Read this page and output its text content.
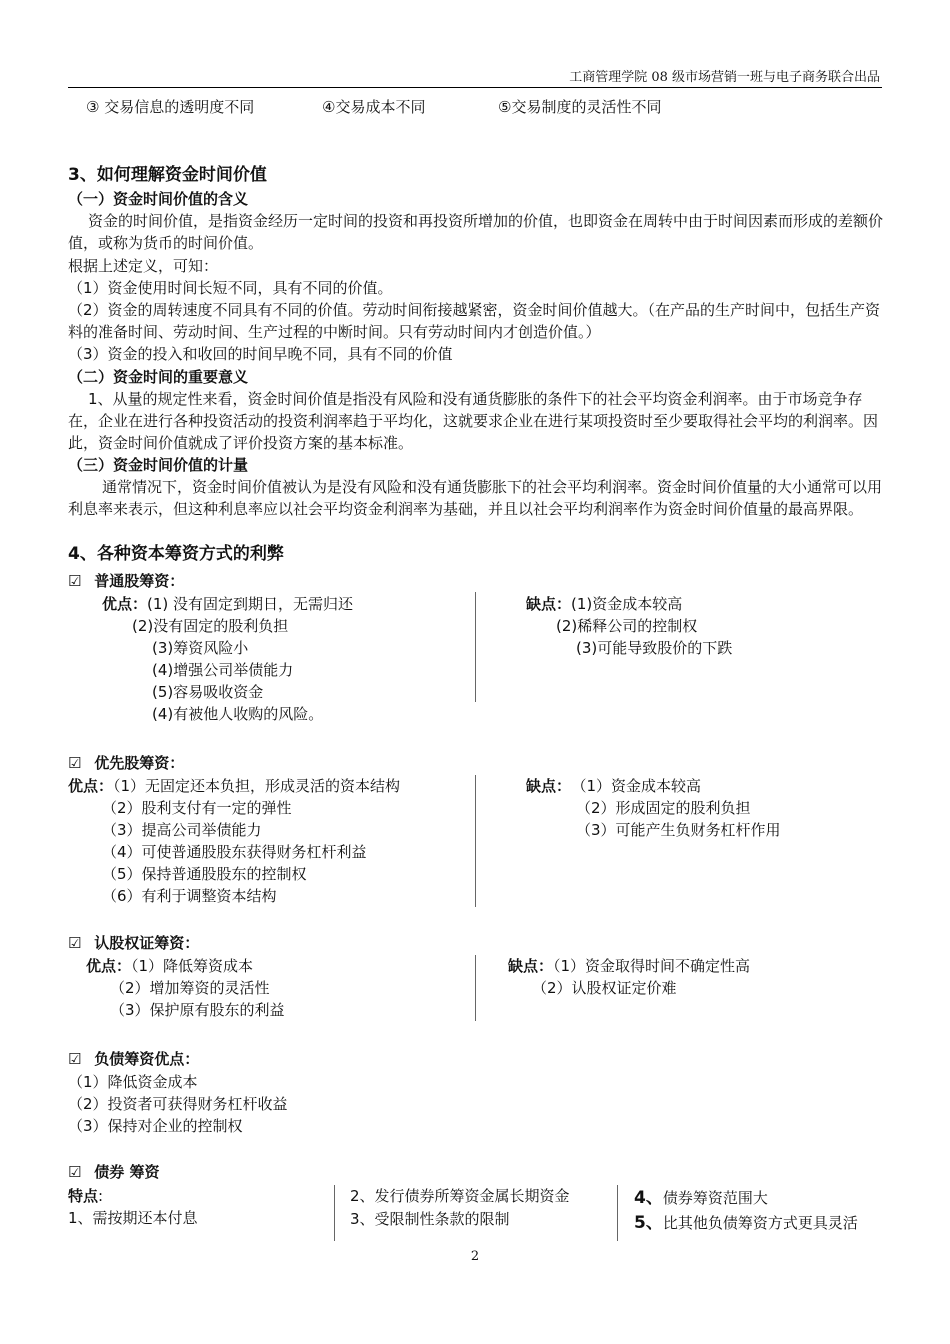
工商管理学院 08 级市场营销一班与电子商务联合出品
③ 交易信息的透明度不同	④交易成本不同	⑤交易制度的灵活性不同
3、如何理解资金时间价值
（一）资金时间价值的含义
资金的时间价值，是指资金经历一定时间的投资和再投资所增加的价值，也即资金在周转中由于时间因素而形成的差额价值，或称为货币的时间价值。
根据上述定义，可知：
（1）资金使用时间长短不同，具有不同的价值。
（2）资金的周转速度不同具有不同的价值。劳动时间衔接越紧密，资金时间价值越大。（在产品的生产时间中，包括生产资料的准备时间、劳动时间、生产过程的中断时间。只有劳动时间内才创造价值。）
（3）资金的投入和收回的时间早晚不同，具有不同的价值
（二）资金时间的重要意义
1、从量的规定性来看，资金时间价值是指没有风险和没有通货膨胀的条件下的社会平均资金利润率。由于市场竞争存在，企业在进行各种投资活动的投资利润率趋于平均化，这就要求企业在进行某项投资时至少要取得社会平均的利润率。因此，资金时间价值就成了评价投资方案的基本标准。
（三）资金时间价值的计量
通常情况下，资金时间价值被认为是没有风险和没有通货膨胀下的社会平均利润率。资金时间价值量的大小通常可以用利息率来表示，但这种利息率应以社会平均资金利润率为基础，并且以社会平均利润率作为资金时间价值量的最高界限。
4、各种资本筹资方式的利弊
☑ 普通股筹资：
优点：(1) 没有固定到期日，无需归还
(2)没有固定的股利负担
(3)筹资风险小
(4)增强公司举债能力
(5)容易吸收资金
(4)有被他人收购的风险。
缺点：(1)资金成本较高
(2)稀释公司的控制权
(3)可能导致股价的下跌
☑ 优先股筹资：
优点：（1）无固定还本负担，形成灵活的资本结构
（2）股利支付有一定的弹性
（3）提高公司举债能力
（4）可使普通股股东获得财务杠杆利益
（5）保持普通股股东的控制权
（6）有利于调整资本结构
缺点： （1）资金成本较高
（2）形成固定的股利负担
（3）可能产生负财务杠杆作用
☑ 认股权证筹资：
优点：（1）降低筹资成本
（2）增加筹资的灵活性
（3）保护原有股东的利益
缺点：（1）资金取得时间不确定性高
（2）认股权证定价难
☑ 负债筹资优点：
（1）降低资金成本
（2）投资者可获得财务杠杆收益
（3）保持对企业的控制权
☑ 债券 筹资
特点:
1、需按期还本付息
2、发行债券所筹资金属长期资金
3、受限制性条款的限制
4、债券筹资范围大
5、比其他负债筹资方式更具灵活
2
